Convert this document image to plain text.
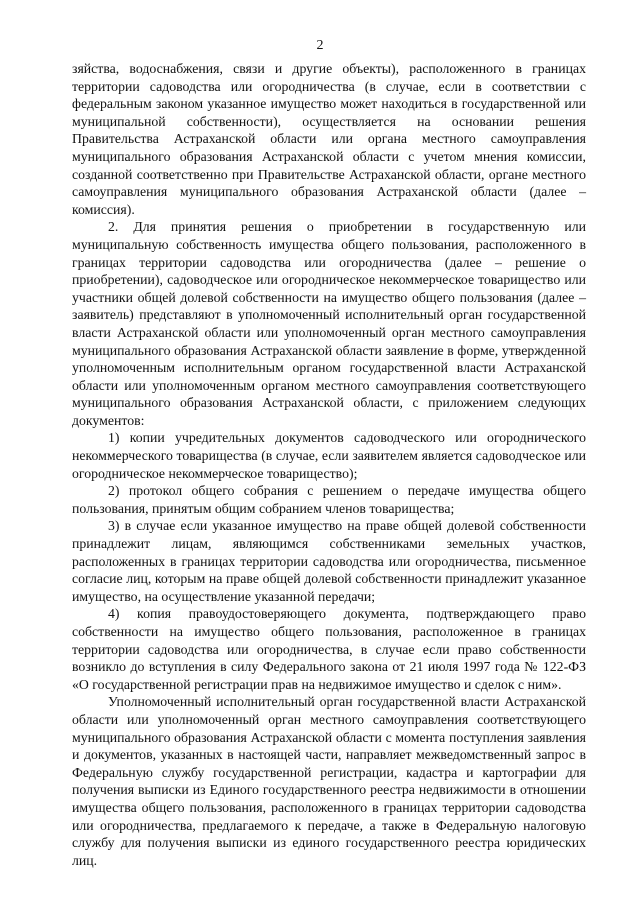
2

зяйства, водоснабжения, связи и другие объекты), расположенного в границах территории садоводства или огородничества (в случае, если в соответствии с федеральным законом указанное имущество может находиться в государственной или муниципальной собственности), осуществляется на основании решения Правительства Астраханской области или органа местного самоуправления муниципального образования Астраханской области с учетом мнения комиссии, созданной соответственно при Правительстве Астраханской области, органе местного самоуправления муниципального образования Астраханской области (далее – комиссия).

2. Для принятия решения о приобретении в государственную или муниципальную собственность имущества общего пользования, расположенного в границах территории садоводства или огородничества (далее – решение о приобретении), садоводческое или огородническое некоммерческое товарищество или участники общей долевой собственности на имущество общего пользования (далее – заявитель) представляют в уполномоченный исполнительный орган государственной власти Астраханской области или уполномоченный орган местного самоуправления муниципального образования Астраханской области заявление в форме, утвержденной уполномоченным исполнительным органом государственной власти Астраханской области или уполномоченным органом местного самоуправления соответствующего муниципального образования Астраханской области, с приложением следующих документов:

1) копии учредительных документов садоводческого или огороднического некоммерческого товарищества (в случае, если заявителем является садоводческое или огородническое некоммерческое товарищество);

2) протокол общего собрания с решением о передаче имущества общего пользования, принятым общим собранием членов товарищества;

3) в случае если указанное имущество на праве общей долевой собственности принадлежит лицам, являющимся собственниками земельных участков, расположенных в границах территории садоводства или огородничества, письменное согласие лиц, которым на праве общей долевой собственности принадлежит указанное имущество, на осуществление указанной передачи;

4) копия правоудостоверяющего документа, подтверждающего право собственности на имущество общего пользования, расположенное в границах территории садоводства или огородничества, в случае если право собственности возникло до вступления в силу Федерального закона от 21 июля 1997 года № 122-ФЗ «О государственной регистрации прав на недвижимое имущество и сделок с ним».

Уполномоченный исполнительный орган государственной власти Астраханской области или уполномоченный орган местного самоуправления соответствующего муниципального образования Астраханской области с момента поступления заявления и документов, указанных в настоящей части, направляет межведомственный запрос в Федеральную службу государственной регистрации, кадастра и картографии для получения выписки из Единого государственного реестра недвижимости в отношении имущества общего пользования, расположенного в границах территории садоводства или огородничества, предлагаемого к передаче, а также в Федеральную налоговую службу для получения выписки из единого государственного реестра юридических лиц.
